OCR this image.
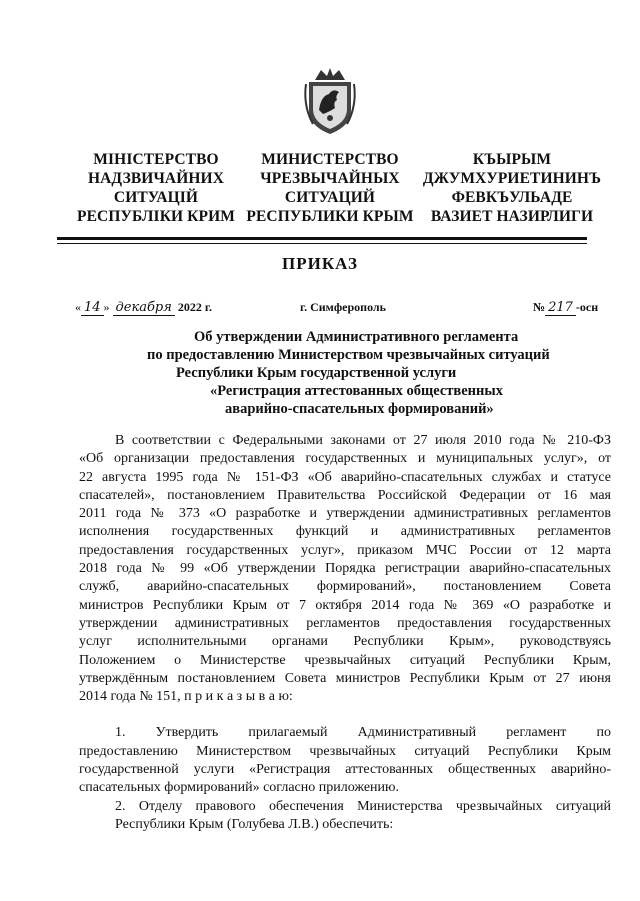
МІНІСТЕРСТВО
НАДЗВИЧАЙНИХ
СИТУАЦІЙ
РЕСПУБЛІКИ КРИМ
МИНИСТЕРСТВО
ЧРЕЗВЫЧАЙНЫХ
СИТУАЦИЙ
РЕСПУБЛИКИ КРЫМ
КЪЫРЫМ
ДЖУМХУРИЕТИНИНЪ
ФЕВКЪУЛЬАДЕ
ВАЗИЕТ НАЗИРЛИГИ
ПРИКАЗ
« 14 » декабря 2022 г.	г. Симферополь	№ 217 -осн
Об утверждении Административного регламента
по предоставлению Министерством чрезвычайных ситуаций
Республики Крым государственной услуги
«Регистрация аттестованных общественных
аварийно-спасательных формирований»
В соответствии с Федеральными законами от 27 июля 2010 года № 210-ФЗ
«Об организации предоставления государственных и муниципальных услуг», от
22 августа 1995 года № 151-ФЗ «Об аварийно-спасательных службах и статусе
спасателей», постановлением Правительства Российской Федерации от 16 мая
2011 года № 373 «О разработке и утверждении административных регламентов
исполнения государственных функций и административных регламентов
предоставления государственных услуг», приказом МЧС России от 12 марта
2018 года № 99 «Об утверждении Порядка регистрации аварийно-спасательных
служб, аварийно-спасательных формирований», постановлением Совета
министров Республики Крым от 7 октября 2014 года № 369 «О разработке и
утверждении административных регламентов предоставления государственных
услуг исполнительными органами Республики Крым», руководствуясь
Положением о Министерстве чрезвычайных ситуаций Республики Крым,
утверждённым постановлением Совета министров Республики Крым от 27 июня
2014 года № 151, п р и к а з ы в а ю:
1. Утвердить прилагаемый Административный регламент по
предоставлению Министерством чрезвычайных ситуаций Республики Крым
государственной услуги «Регистрация аттестованных общественных аварийно-
спасательных формирований» согласно приложению.
2. Отделу правового обеспечения Министерства чрезвычайных ситуаций
Республики Крым (Голубева Л.В.) обеспечить:
